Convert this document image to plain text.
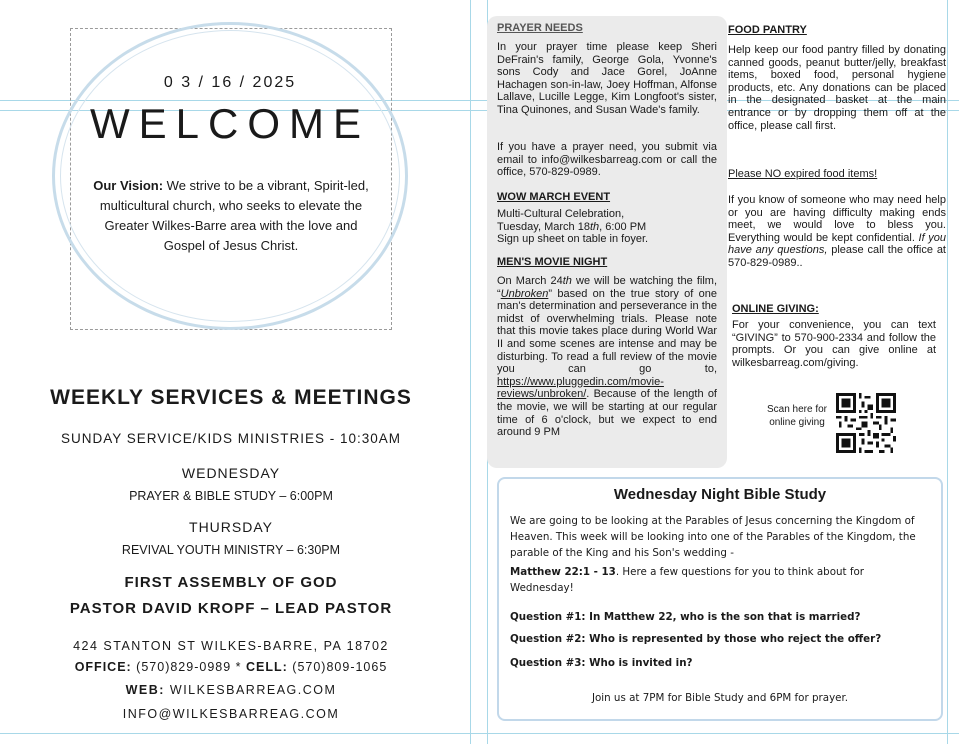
0 3 / 16 / 2025
WELCOME
Our Vision: We strive to be a vibrant, Spirit-led, multicultural church, who seeks to elevate the Greater Wilkes-Barre area with the love and Gospel of Jesus Christ.
WEEKLY SERVICES & MEETINGS
SUNDAY SERVICE/KIDS MINISTRIES - 10:30AM
WEDNESDAY
PRAYER & BIBLE STUDY – 6:00PM
THURSDAY
REVIVAL YOUTH MINISTRY – 6:30PM
FIRST ASSEMBLY OF GOD
PASTOR DAVID KROPF – LEAD PASTOR
424 STANTON ST WILKES-BARRE, PA 18702
OFFICE: (570)829-0989 * CELL: (570)809-1065
WEB: WILKESBARREAG.COM
INFO@WILKESBARREAG.COM
PRAYER NEEDS
In your prayer time please keep Sheri DeFrain's family, George Gola, Yvonne's sons Cody and Jace Gorel, JoAnne Hachagen son-in-law, Joey Hoffman, Alfonse Lallave, Lucille Legge, Kim Longfoot's sister, Tina Quinones, and Susan Wade's family.
If you have a prayer need, you submit via email to info@wilkesbarreag.com or call the office, 570-829-0989.
WOW MARCH EVENT
Multi-Cultural Celebration,
Tuesday, March 18th, 6:00 PM
Sign up sheet on table in foyer.
MEN'S MOVIE NIGHT
On March 24th we will be watching the film, “Unbroken” based on the true story of one man's determination and perseverance in the midst of overwhelming trials. Please note that this movie takes place during World War II and some scenes are intense and may be disturbing. To read a full review of the movie you can go to, https://www.pluggedin.com/movie-reviews/unbroken/. Because of the length of the movie, we will be starting at our regular time of 6 o'clock, but we expect to end around 9 PM
FOOD PANTRY
Help keep our food pantry filled by donating canned goods, peanut butter/jelly, breakfast items, boxed food, personal hygiene products, etc. Any donations can be placed in the designated basket at the main entrance or by dropping them off at the office, please call first.
Please NO expired food items!
If you know of someone who may need help or you are having difficulty making ends meet, we would love to bless you. Everything would be kept confidential. If you have any questions, please call the office at 570-829-0989..
ONLINE GIVING:
For your convenience, you can text “GIVING” to 570-900-2334 and follow the prompts. Or you can give online at wilkesbarreag.com/giving.
Scan here for online giving
Wednesday Night Bible Study
We are going to be looking at the Parables of Jesus concerning the Kingdom of Heaven. This week will be looking into one of the Parables of the Kingdom, the parable of the King and his Son's wedding -
Matthew 22:1 - 13. Here a few questions for you to think about for Wednesday!
Question #1: In Matthew 22, who is the son that is married?
Question #2: Who is represented by those who reject the offer?
Question #3: Who is invited in?
Join us at 7PM for Bible Study and 6PM for prayer.
